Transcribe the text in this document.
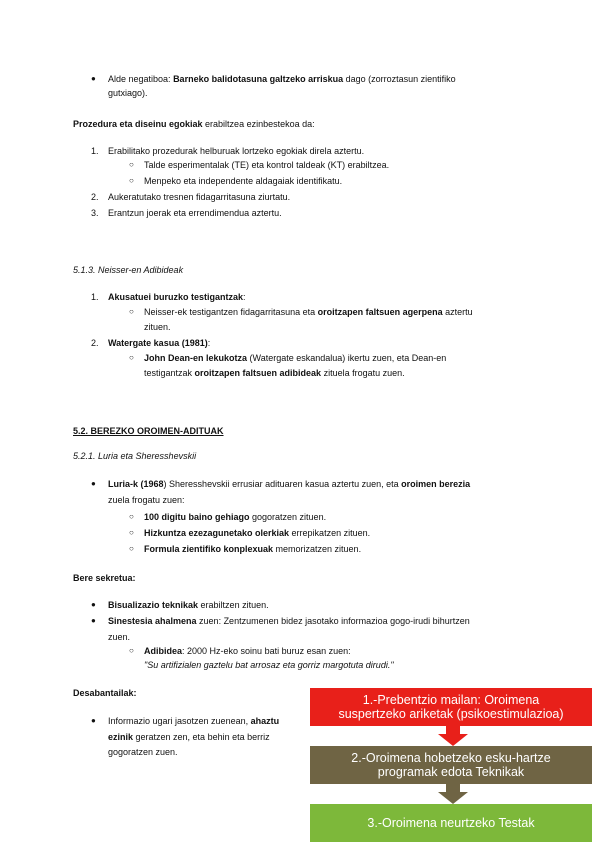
● Alde negatiboa: Barneko balidotasuna galtzeko arriskua dago (zorroztasun zientifiko
gutxiago).
Prozedura eta diseinu egokiak erabiltzea ezinbestekoa da:
1. Erabilitako prozedurak helburuak lortzeko egokiak direla aztertu.
○ Talde esperimentalak (TE) eta kontrol taldeak (KT) erabiltzea.
○ Menpeko eta independente aldagaiak identifikatu.
2. Aukeratutako tresnen fidagarritasuna ziurtatu.
3. Erantzun joerak eta errendimendua aztertu.
5.1.3. Neisser-en Adibideak
1. Akusatuei buruzko testigantzak:
○ Neisser-ek testigantzen fidagarritasuna eta oroitzapen faltsuen agerpena aztertu
zituen.
2. Watergate kasua (1981):
○ John Dean-en lekukotza (Watergate eskandalua) ikertu zuen, eta Dean-en
testigantzak oroitzapen faltsuen adibideak zituela frogatu zuen.
5.2. BEREZKO OROIMEN-ADITUAK
5.2.1. Luria eta Sheresshevskii
● Luria-k (1968) Sheresshevskii errusiar adituaren kasua aztertu zuen, eta oroimen berezia
zuela frogatu zuen:
○ 100 digitu baino gehiago gogoratzen zituen.
○ Hizkuntza ezezagunetako olerkiak errepikatzen zituen.
○ Formula zientifiko konplexuak memorizatzen zituen.
Bere sekretua:
● Bisualizazio teknikak erabiltzen zituen.
● Sinestesia ahalmena zuen: Zentzumenen bidez jasotako informazioa gogo-irudi bihurtzen
zuen.
○ Adibidea: 2000 Hz-eko soinu bati buruz esan zuen:
"Su artifizialen gaztelu bat arrosaz eta gorriz margotuta dirudi."
Desabantailak:
● Informazio ugari jasotzen zuenean, ahaztu
ezinik geratzen zen, eta behin eta berriz
gogoratzen zuen.
1.-Prebentzio mailan: Oroimena
suspertzeko ariketak (psikoestimulazioa)
2.-Oroimena hobetzeko esku-hartze
programak edota Teknikak
3.-Oroimena neurtzeko Testak
